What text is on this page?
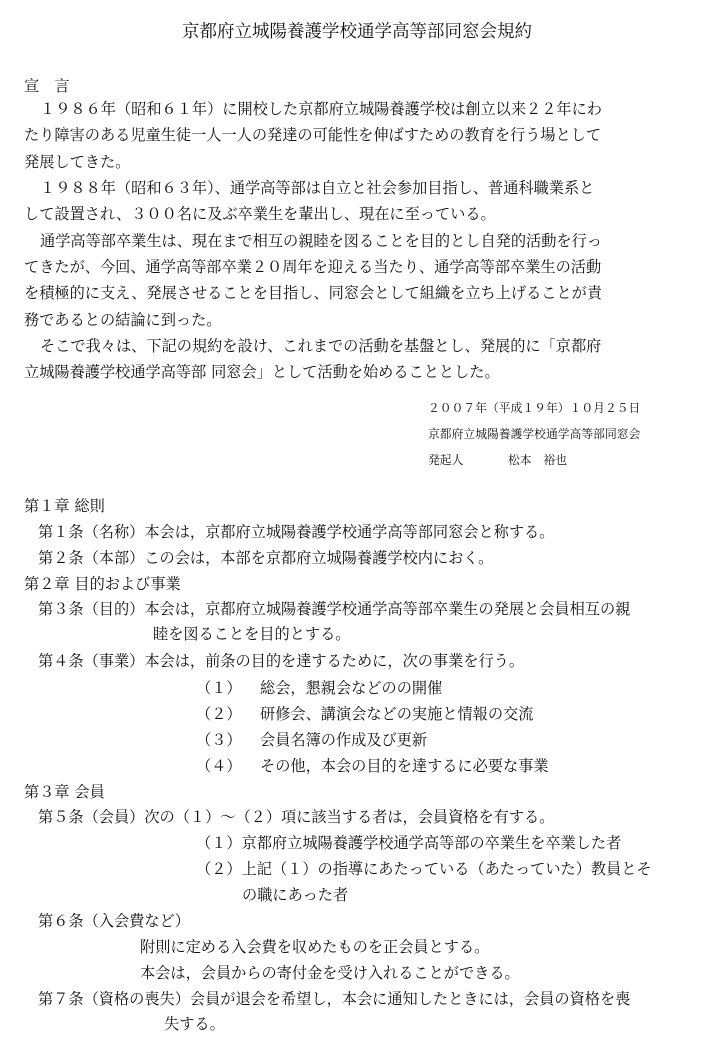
京都府立城陽養護学校通学高等部同窓会規約
宣　言
１９８６年（昭和６１年）に開校した京都府立城陽養護学校は創立以来２２年にわ
たり障害のある児童生徒一人一人の発達の可能性を伸ばすための教育を行う場として
発展してきた。
１９８８年（昭和６３年）、通学高等部は自立と社会参加目指し、普通科職業系と
して設置され、３００名に及ぶ卒業生を輩出し、現在に至っている。
通学高等部卒業生は、現在まで相互の親睦を図ることを目的とし自発的活動を行っ
てきたが、今回、通学高等部卒業２０周年を迎える当たり、通学高等部卒業生の活動
を積極的に支え、発展させることを目指し、同窓会として組織を立ち上げることが責
務であるとの結論に到った。
そこで我々は、下記の規約を設け、これまでの活動を基盤とし、発展的に「京都府
立城陽養護学校通学高等部 同窓会」として活動を始めることとした。
２００７年（平成１９年）１０月２５日
京都府立城陽養護学校通学高等部同窓会
発起人	松本　裕也
第１章 総則
第１条（名称）本会は，京都府立城陽養護学校通学高等部同窓会と称する。
第２条（本部）この会は，本部を京都府立城陽養護学校内におく。
第２章 目的および事業
第３条（目的）本会は，京都府立城陽養護学校通学高等部卒業生の発展と会員相互の親
睦を図ることを目的とする。
第４条（事業）本会は，前条の目的を達するために，次の事業を行う。
（１） 総会，懇親会などのの開催
（２） 研修会、講演会などの実施と情報の交流
（３） 会員名簿の作成及び更新
（４） その他，本会の目的を達するに必要な事業
第３章 会員
第５条（会員）次の（１）～（２）項に該当する者は，会員資格を有する。
（１）京都府立城陽養護学校通学高等部の卒業生を卒業した者
（２）上記（１）の指導にあたっている（あたっていた）教員とそ
の職にあった者
第６条（入会費など）
附則に定める入会費を収めたものを正会員とする。
本会は，会員からの寄付金を受け入れることができる。
第７条（資格の喪失）会員が退会を希望し，本会に通知したときには，会員の資格を喪
失する。
